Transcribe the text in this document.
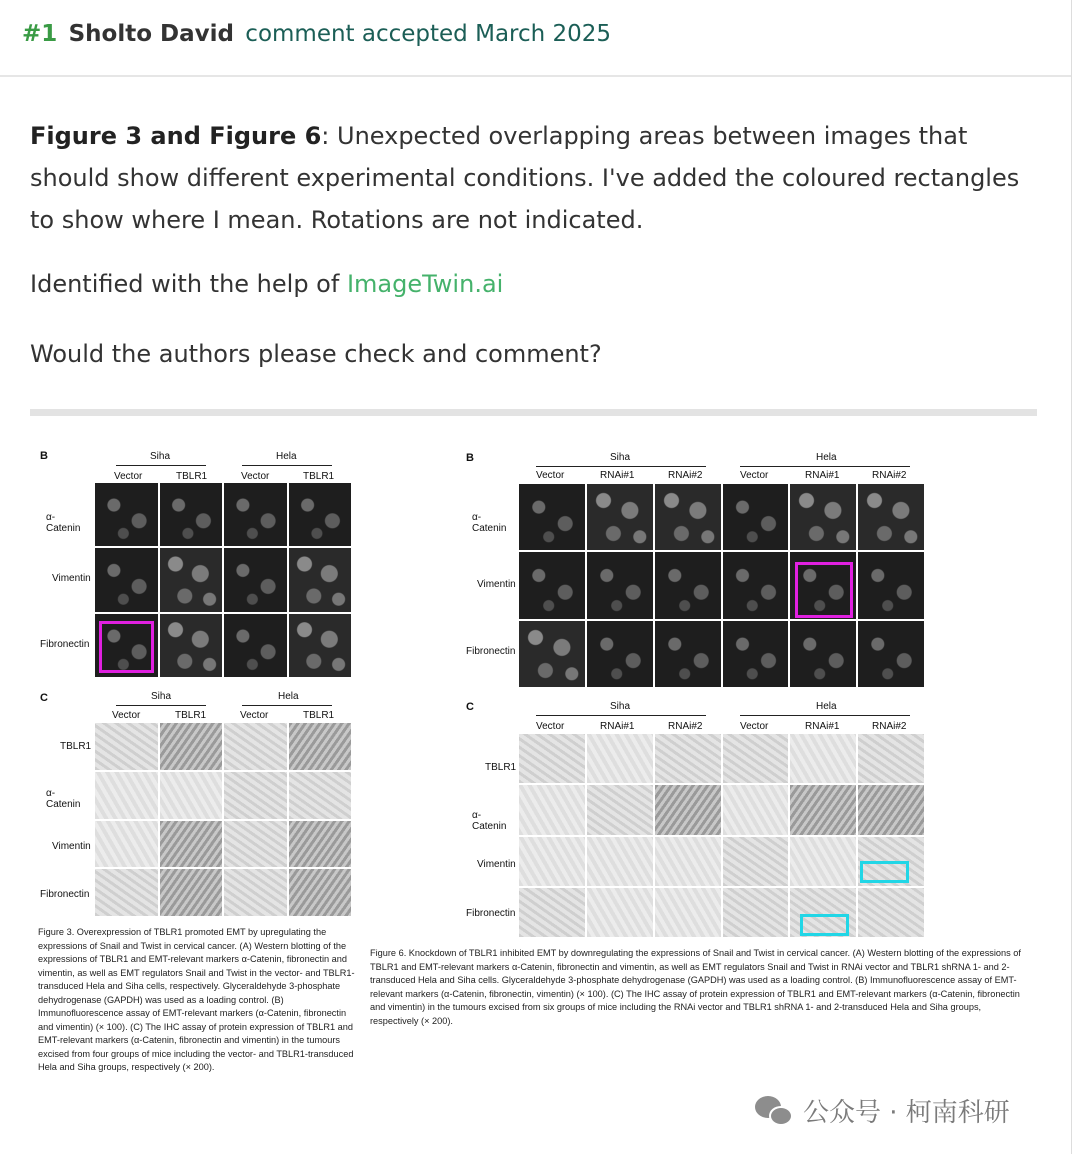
#1 Sholto David comment accepted March 2025
Figure 3 and Figure 6: Unexpected overlapping areas between images that should show different experimental conditions. I've added the coloured rectangles to show where I mean. Rotations are not indicated.
Identified with the help of ImageTwin.ai
Would the authors please check and comment?
B	Siha	Hela
Vector	TBLR1	Vector	TBLR1
α-Catenin
Vimentin
Fibronectin
C	Siha	Hela
Vector	TBLR1	Vector	TBLR1
TBLR1
α-Catenin
Vimentin
Fibronectin
Figure 3. Overexpression of TBLR1 promoted EMT by upregulating the expressions of Snail and Twist in cervical cancer. (A) Western blotting of the expressions of TBLR1 and EMT-relevant markers α-Catenin, fibronectin and vimentin, as well as EMT regulators Snail and Twist in the vector- and TBLR1-transduced Hela and Siha cells, respectively. Glyceraldehyde 3-phosphate dehydrogenase (GAPDH) was used as a loading control. (B) Immunofluorescence assay of EMT-relevant markers (α-Catenin, fibronectin and vimentin) (× 100). (C) The IHC assay of protein expression of TBLR1 and EMT-relevant markers (α-Catenin, fibronectin and vimentin) in the tumours excised from four groups of mice including the vector- and TBLR1-transduced Hela and Siha groups, respectively (× 200).
B	Siha	Hela
Vector	RNAi#1	RNAi#2	Vector	RNAi#1	RNAi#2
α-Catenin
Vimentin
Fibronectin
C	Siha	Hela
Vector	RNAi#1	RNAi#2	Vector	RNAi#1	RNAi#2
TBLR1
α-Catenin
Vimentin
Fibronectin
Figure 6. Knockdown of TBLR1 inhibited EMT by downregulating the expressions of Snail and Twist in cervical cancer. (A) Western blotting of the expressions of TBLR1 and EMT-relevant markers α-Catenin, fibronectin and vimentin, as well as EMT regulators Snail and Twist in RNAi vector and TBLR1 shRNA 1- and 2-transduced Hela and Siha cells. Glyceraldehyde 3-phosphate dehydrogenase (GAPDH) was used as a loading control. (B) Immunofluorescence assay of EMT-relevant markers (α-Catenin, fibronectin, vimentin) (× 100). (C) The IHC assay of protein expression of TBLR1 and EMT-relevant markers (α-Catenin, fibronectin and vimentin) in the tumours excised from six groups of mice including the RNAi vector and TBLR1 shRNA 1- and 2-transduced Hela and Siha groups, respectively (× 200).
公众号 · 柯南科研
